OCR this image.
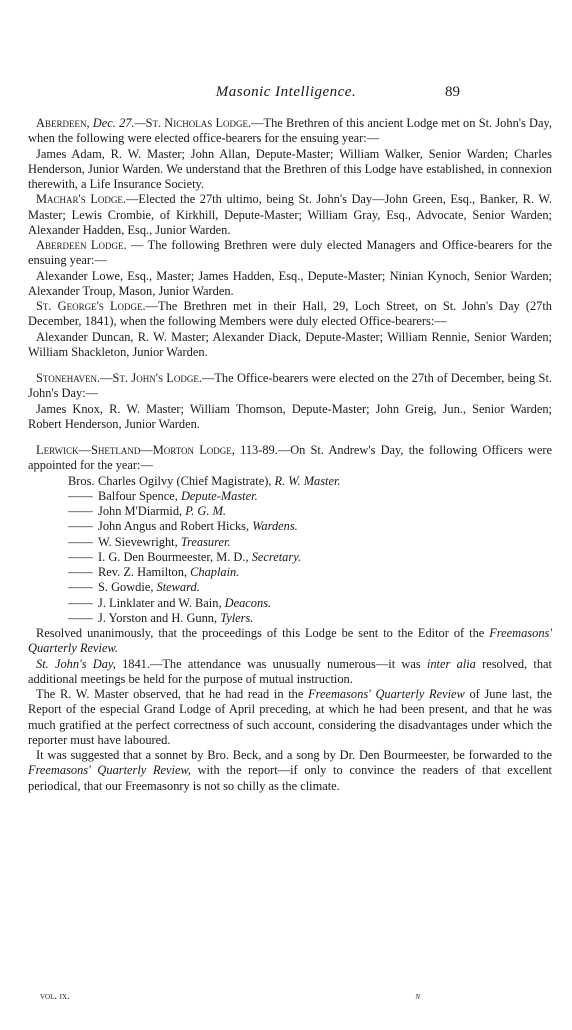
Masonic Intelligence.	89

Aberdeen, Dec. 27.—St. Nicholas Lodge.—The Brethren of this ancient Lodge met on St. John's Day, when the following were elected office-bearers for the ensuing year:—

James Adam, R. W. Master; John Allan, Depute-Master; William Walker, Senior Warden; Charles Henderson, Junior Warden. We understand that the Brethren of this Lodge have established, in connexion therewith, a Life Insurance Society.

Machar's Lodge.—Elected the 27th ultimo, being St. John's Day—John Green, Esq., Banker, R. W. Master; Lewis Crombie, of Kirkhill, Depute-Master; William Gray, Esq., Advocate, Senior Warden; Alexander Hadden, Esq., Junior Warden.

Aberdeen Lodge. — The following Brethren were duly elected Managers and Office-bearers for the ensuing year:—

Alexander Lowe, Esq., Master; James Hadden, Esq., Depute-Master; Ninian Kynoch, Senior Warden; Alexander Troup, Mason, Junior Warden.

St. George's Lodge.—The Brethren met in their Hall, 29, Loch Street, on St. John's Day (27th December, 1841), when the following Members were duly elected Office-bearers:—

Alexander Duncan, R. W. Master; Alexander Diack, Depute-Master; William Rennie, Senior Warden; William Shackleton, Junior Warden.

Stonehaven.—St. John's Lodge.—The Office-bearers were elected on the 27th of December, being St. John's Day:—

James Knox, R. W. Master; William Thomson, Depute-Master; John Greig, Jun., Senior Warden; Robert Henderson, Junior Warden.

Lerwick—Shetland—Morton Lodge, 113-89.—On St. Andrew's Day, the following Officers were appointed for the year:—

Bros. Charles Ogilvy (Chief Magistrate), R. W. Master.
—— Balfour Spence, Depute-Master.
—— John M'Diarmid, P. G. M.
—— John Angus and Robert Hicks, Wardens.
—— W. Sievewright, Treasurer.
—— I. G. Den Bourmeester, M. D., Secretary.
—— Rev. Z. Hamilton, Chaplain.
—— S. Gowdie, Steward.
—— J. Linklater and W. Bain, Deacons.
—— J. Yorston and H. Gunn, Tylers.

Resolved unanimously, that the proceedings of this Lodge be sent to the Editor of the Freemasons' Quarterly Review.

St. John's Day, 1841.—The attendance was unusually numerous—it was inter alia resolved, that additional meetings be held for the purpose of mutual instruction.

The R. W. Master observed, that he had read in the Freemasons' Quarterly Review of June last, the Report of the especial Grand Lodge of April preceding, at which he had been present, and that he was much gratified at the perfect correctness of such account, considering the disadvantages under which the reporter must have laboured.

It was suggested that a sonnet by Bro. Beck, and a song by Dr. Den Bourmeester, be forwarded to the Freemasons' Quarterly Review, with the report—if only to convince the readers of that excellent periodical, that our Freemasonry is not so chilly as the climate.

vol. ix.	n
